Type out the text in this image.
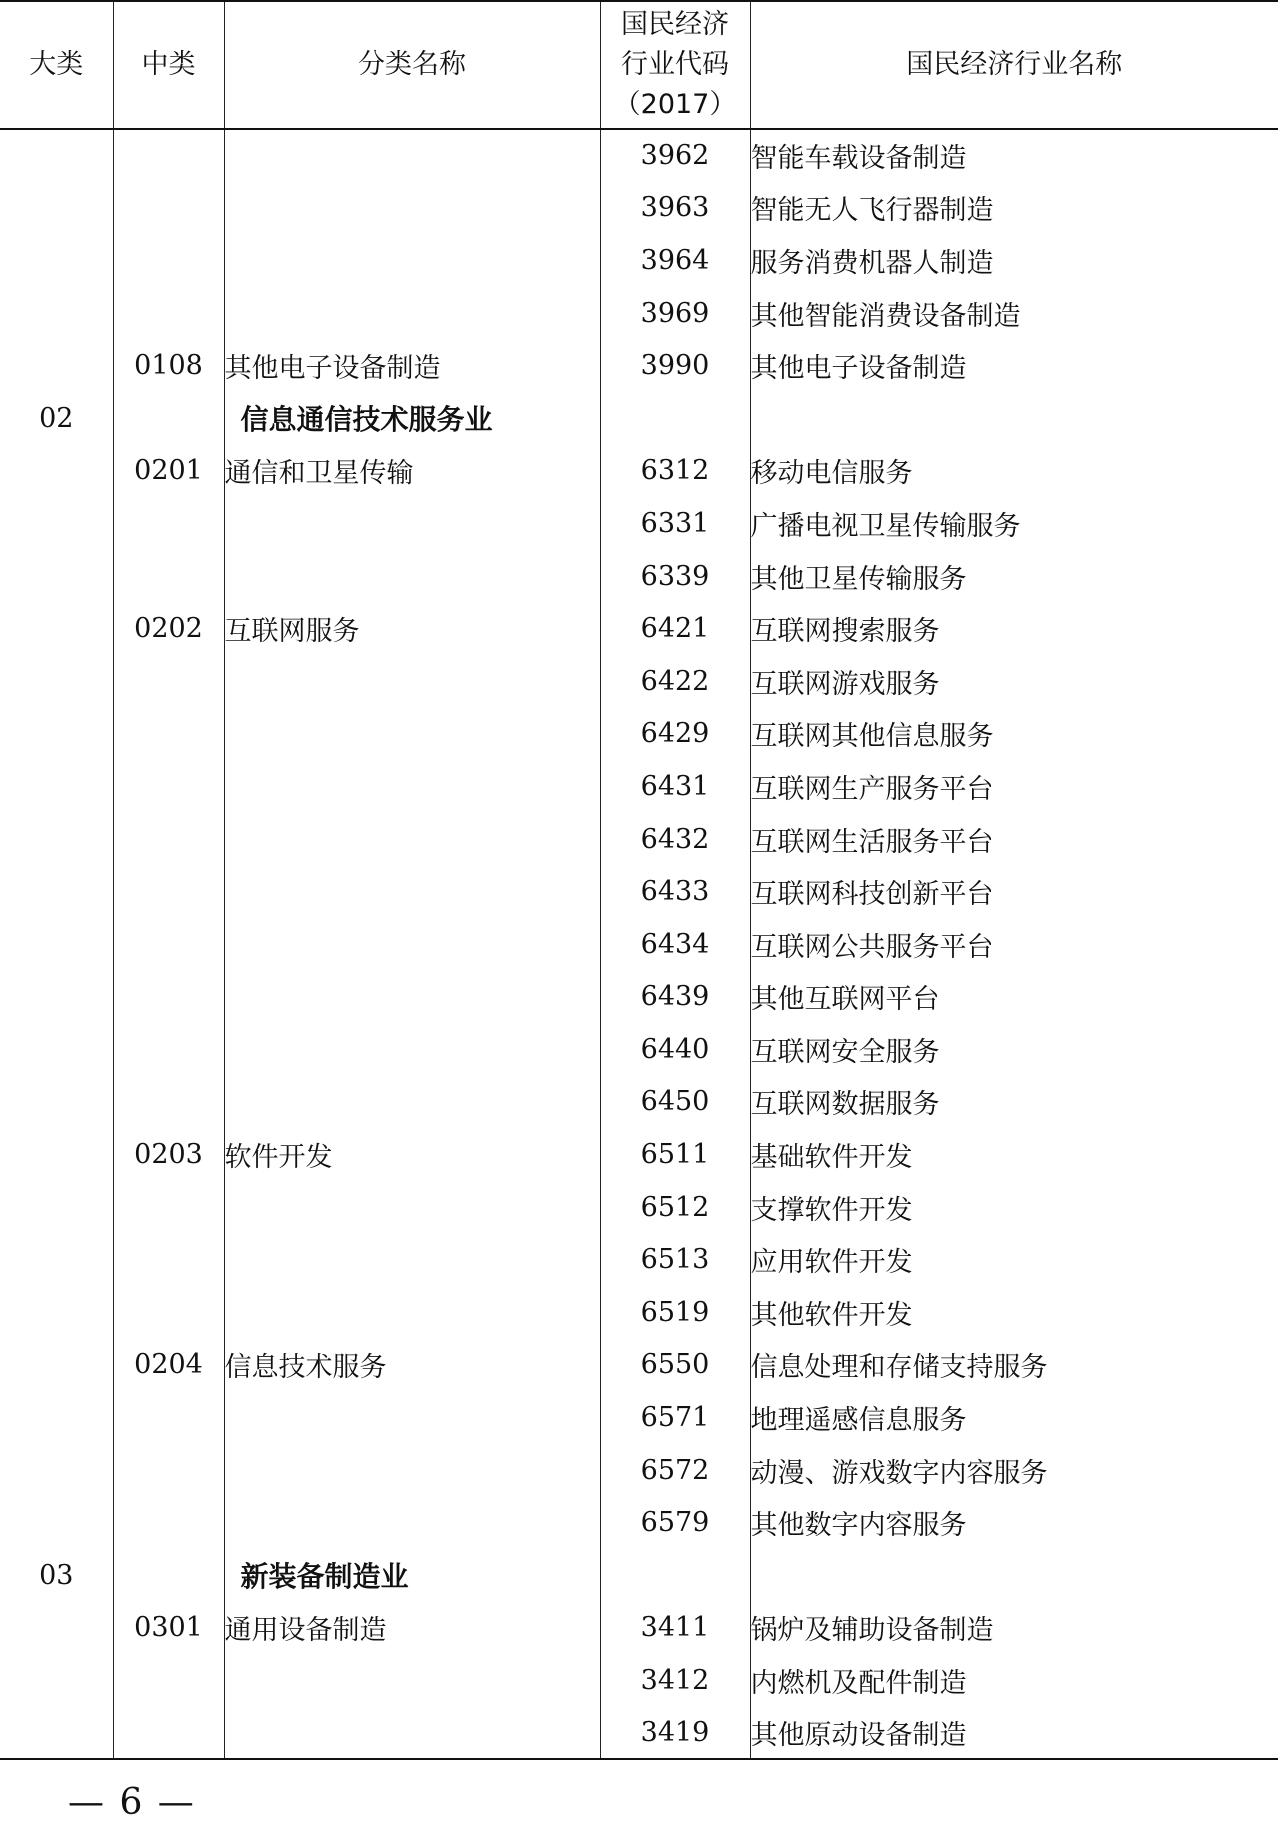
大类	中类	分类名称	国民经济
行业代码
（2017）	国民经济行业名称
			3962	智能车载设备制造
			3963	智能无人飞行器制造
			3964	服务消费机器人制造
			3969	其他智能消费设备制造
	0108	其他电子设备制造	3990	其他电子设备制造
02		信息通信技术服务业		
	0201	通信和卫星传输	6312	移动电信服务
			6331	广播电视卫星传输服务
			6339	其他卫星传输服务
	0202	互联网服务	6421	互联网搜索服务
			6422	互联网游戏服务
			6429	互联网其他信息服务
			6431	互联网生产服务平台
			6432	互联网生活服务平台
			6433	互联网科技创新平台
			6434	互联网公共服务平台
			6439	其他互联网平台
			6440	互联网安全服务
			6450	互联网数据服务
	0203	软件开发	6511	基础软件开发
			6512	支撑软件开发
			6513	应用软件开发
			6519	其他软件开发
	0204	信息技术服务	6550	信息处理和存储支持服务
			6571	地理遥感信息服务
			6572	动漫、游戏数字内容服务
			6579	其他数字内容服务
03		新装备制造业		
	0301	通用设备制造	3411	锅炉及辅助设备制造
			3412	内燃机及配件制造
			3419	其他原动设备制造
— 6 —
